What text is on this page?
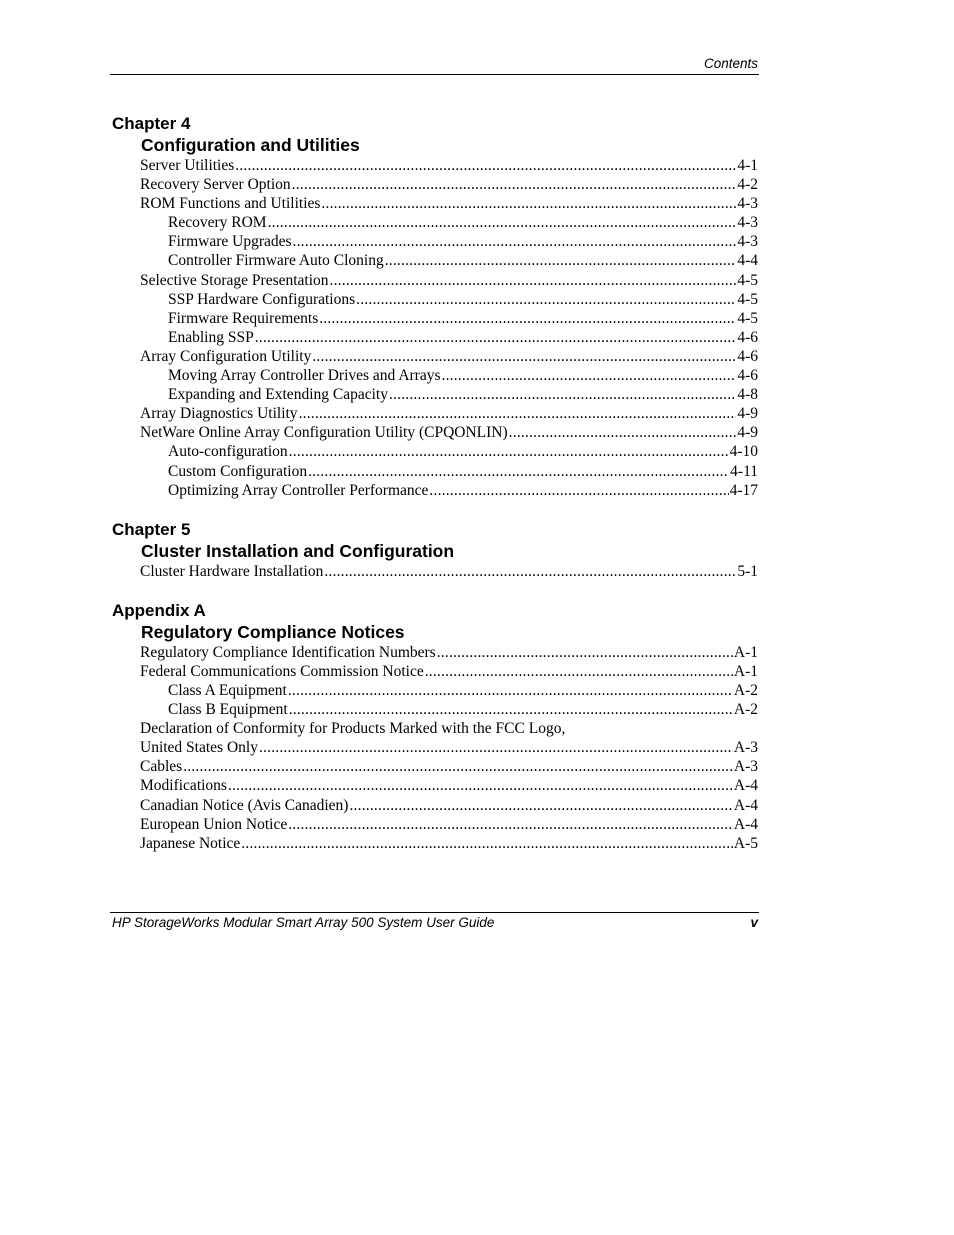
Contents
Chapter 4
Configuration and Utilities
Server Utilities .....	4-1
Recovery Server Option .....	4-2
ROM Functions and Utilities .....	4-3
Recovery ROM .....	4-3
Firmware Upgrades .....	4-3
Controller Firmware Auto Cloning .....	4-4
Selective Storage Presentation .....	4-5
SSP Hardware Configurations .....	4-5
Firmware Requirements .....	4-5
Enabling SSP .....	4-6
Array Configuration Utility .....	4-6
Moving Array Controller Drives and Arrays .....	4-6
Expanding and Extending Capacity .....	4-8
Array Diagnostics Utility .....	4-9
NetWare Online Array Configuration Utility (CPQONLIN) .....	4-9
Auto-configuration .....	4-10
Custom Configuration .....	4-11
Optimizing Array Controller Performance .....	4-17
Chapter 5
Cluster Installation and Configuration
Cluster Hardware Installation .....	5-1
Appendix A
Regulatory Compliance Notices
Regulatory Compliance Identification Numbers .....	A-1
Federal Communications Commission Notice .....	A-1
Class A Equipment .....	A-2
Class B Equipment .....	A-2
Declaration of Conformity for Products Marked with the FCC Logo,
United States Only .....	A-3
Cables .....	A-3
Modifications .....	A-4
Canadian Notice (Avis Canadien) .....	A-4
European Union Notice .....	A-4
Japanese Notice .....	A-5
HP StorageWorks Modular Smart Array 500 System User Guide	v
